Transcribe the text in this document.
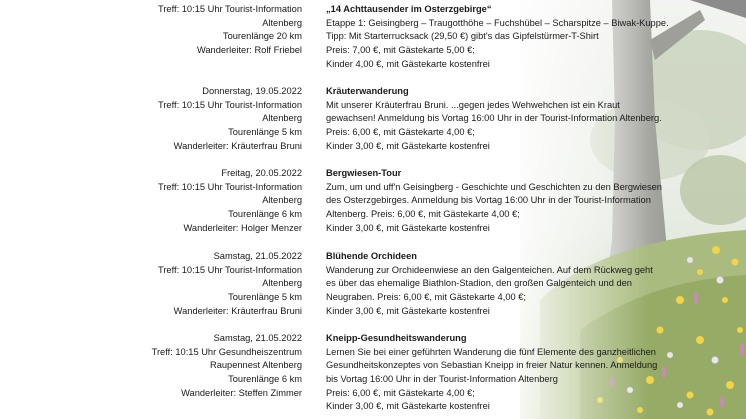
Treff: 10:15 Uhr Tourist-Information
Altenberg
Tourenlänge 20 km
Wanderleiter: Rolf Friebel
„14 Achttausender im Osterzgebirge“
Etappe 1: Geisingberg – Traugotthöhe – Fuchshübel – Scharspitze – Biwak-Kuppe.
Tipp: Mit Starterrucksack (29,50 €) gibt's das Gipfelstürmer-T-Shirt
Preis: 7,00 €, mit Gästekarte 5,00 €;
Kinder 4,00 €, mit Gästekarte kostenfrei
Donnerstag, 19.05.2022
Treff: 10:15 Uhr Tourist-Information
Altenberg
Tourenlänge 5 km
Wanderleiter: Kräuterfrau Bruni
Kräuterwanderung
Mit unserer Kräuterfrau Bruni. ...gegen jedes Wehwehchen ist ein Kraut
gewachsen! Anmeldung bis Vortag 16:00 Uhr in der Tourist-Information Altenberg.
Preis: 6,00 €, mit Gästekarte 4,00 €;
Kinder 3,00 €, mit Gästekarte kostenfrei
Freitag, 20.05.2022
Treff: 10:15 Uhr Tourist-Information
Altenberg
Tourenlänge 6 km
Wanderleiter: Holger Menzer
Bergwiesen-Tour
Zum, um und uff'n Geisingberg - Geschichte und Geschichten zu den Bergwiesen
des Osterzgebirges. Anmeldung bis Vortag 16:00 Uhr in der Tourist-Information
Altenberg. Preis: 6,00 €, mit Gästekarte 4,00 €;
Kinder 3,00 €, mit Gästekarte kostenfrei
Samstag, 21.05.2022
Treff: 10:15 Uhr Tourist-Information
Altenberg
Tourenlänge 5 km
Wanderleiter: Kräuterfrau Bruni
Blühende Orchideen
Wanderung zur Orchideenwiese an den Galgenteichen. Auf dem Rückweg geht
es über das ehemalige Biathlon-Stadion, den großen Galgenteich und den
Neugraben. Preis: 6,00 €, mit Gästekarte 4,00 €;
Kinder 3,00 €, mit Gästekarte kostenfrei
Samstag, 21.05.2022
Treff: 10:15 Uhr Gesundheiszentrum
Raupennest Altenberg
Tourenlänge 6 km
Wanderleiter: Steffen Zimmer
Kneipp-Gesundheitswanderung
Lernen Sie bei einer geführten Wanderung die fünf Elemente des ganzheitlichen
Gesundheitskonzeptes von Sebastian Kneipp in freier Natur kennen. Anmeldung
bis Vortag 16:00 Uhr in der Tourist-Information Altenberg
Preis: 6,00 €, mit Gästekarte 4,00 €;
Kinder 3,00 €, mit Gästekarte kostenfrei
